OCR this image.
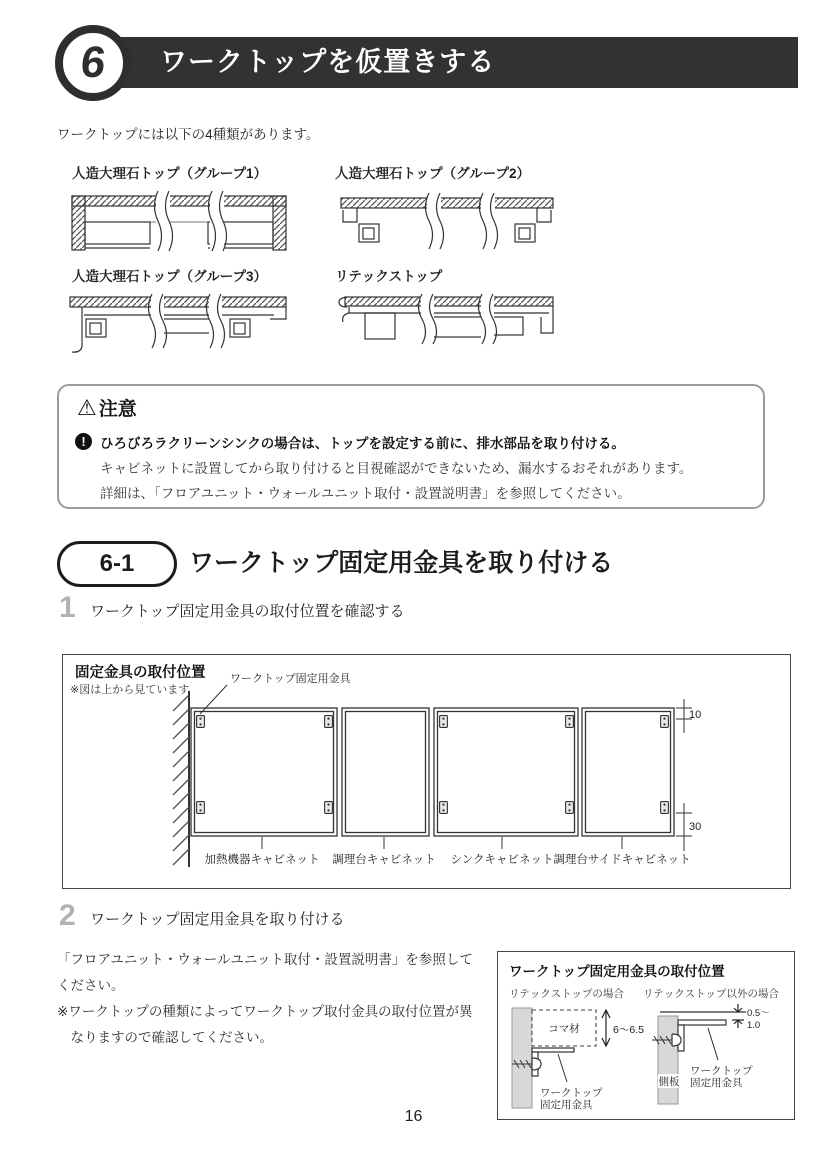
ワークトップを仮置きする
6
ワークトップには以下の4種類があります。
人造大理石トップ（グループ1）	人造大理石トップ（グループ2）
人造大理石トップ（グループ3）	リテックストップ
⚠ 注意
!	ひろびろラクリーンシンクの場合は、トップを設定する前に、排水部品を取り付ける。
キャビネットに設置してから取り付けると目視確認ができないため、漏水するおそれがあります。
詳細は、「フロアユニット・ウォールユニット取付・設置説明書」を参照してください。
6-1 ワークトップ固定用金具を取り付ける
1 ワークトップ固定用金具の取付位置を確認する
ワークトップ固定用金具
10
30
加熱機器キャビネット 調理台キャビネット シンクキャビネット 調理台サイドキャビネット
固定金具の取付位置
※図は上から見ています
2 ワークトップ固定用金具を取り付ける
「フロアユニット・ウォールユニット取付・設置説明書」を参照してください。
※ワークトップの種類によってワークトップ取付金具の取付位置が異なりますので確認してください。
ワークトップ固定用金具の取付位置
リテックストップの場合 リテックストップ以外の場合
コマ材	6～6.5
ワークトップ
固定用金具
0.5～
1.0
側板
ワークトップ
固定用金具
16
